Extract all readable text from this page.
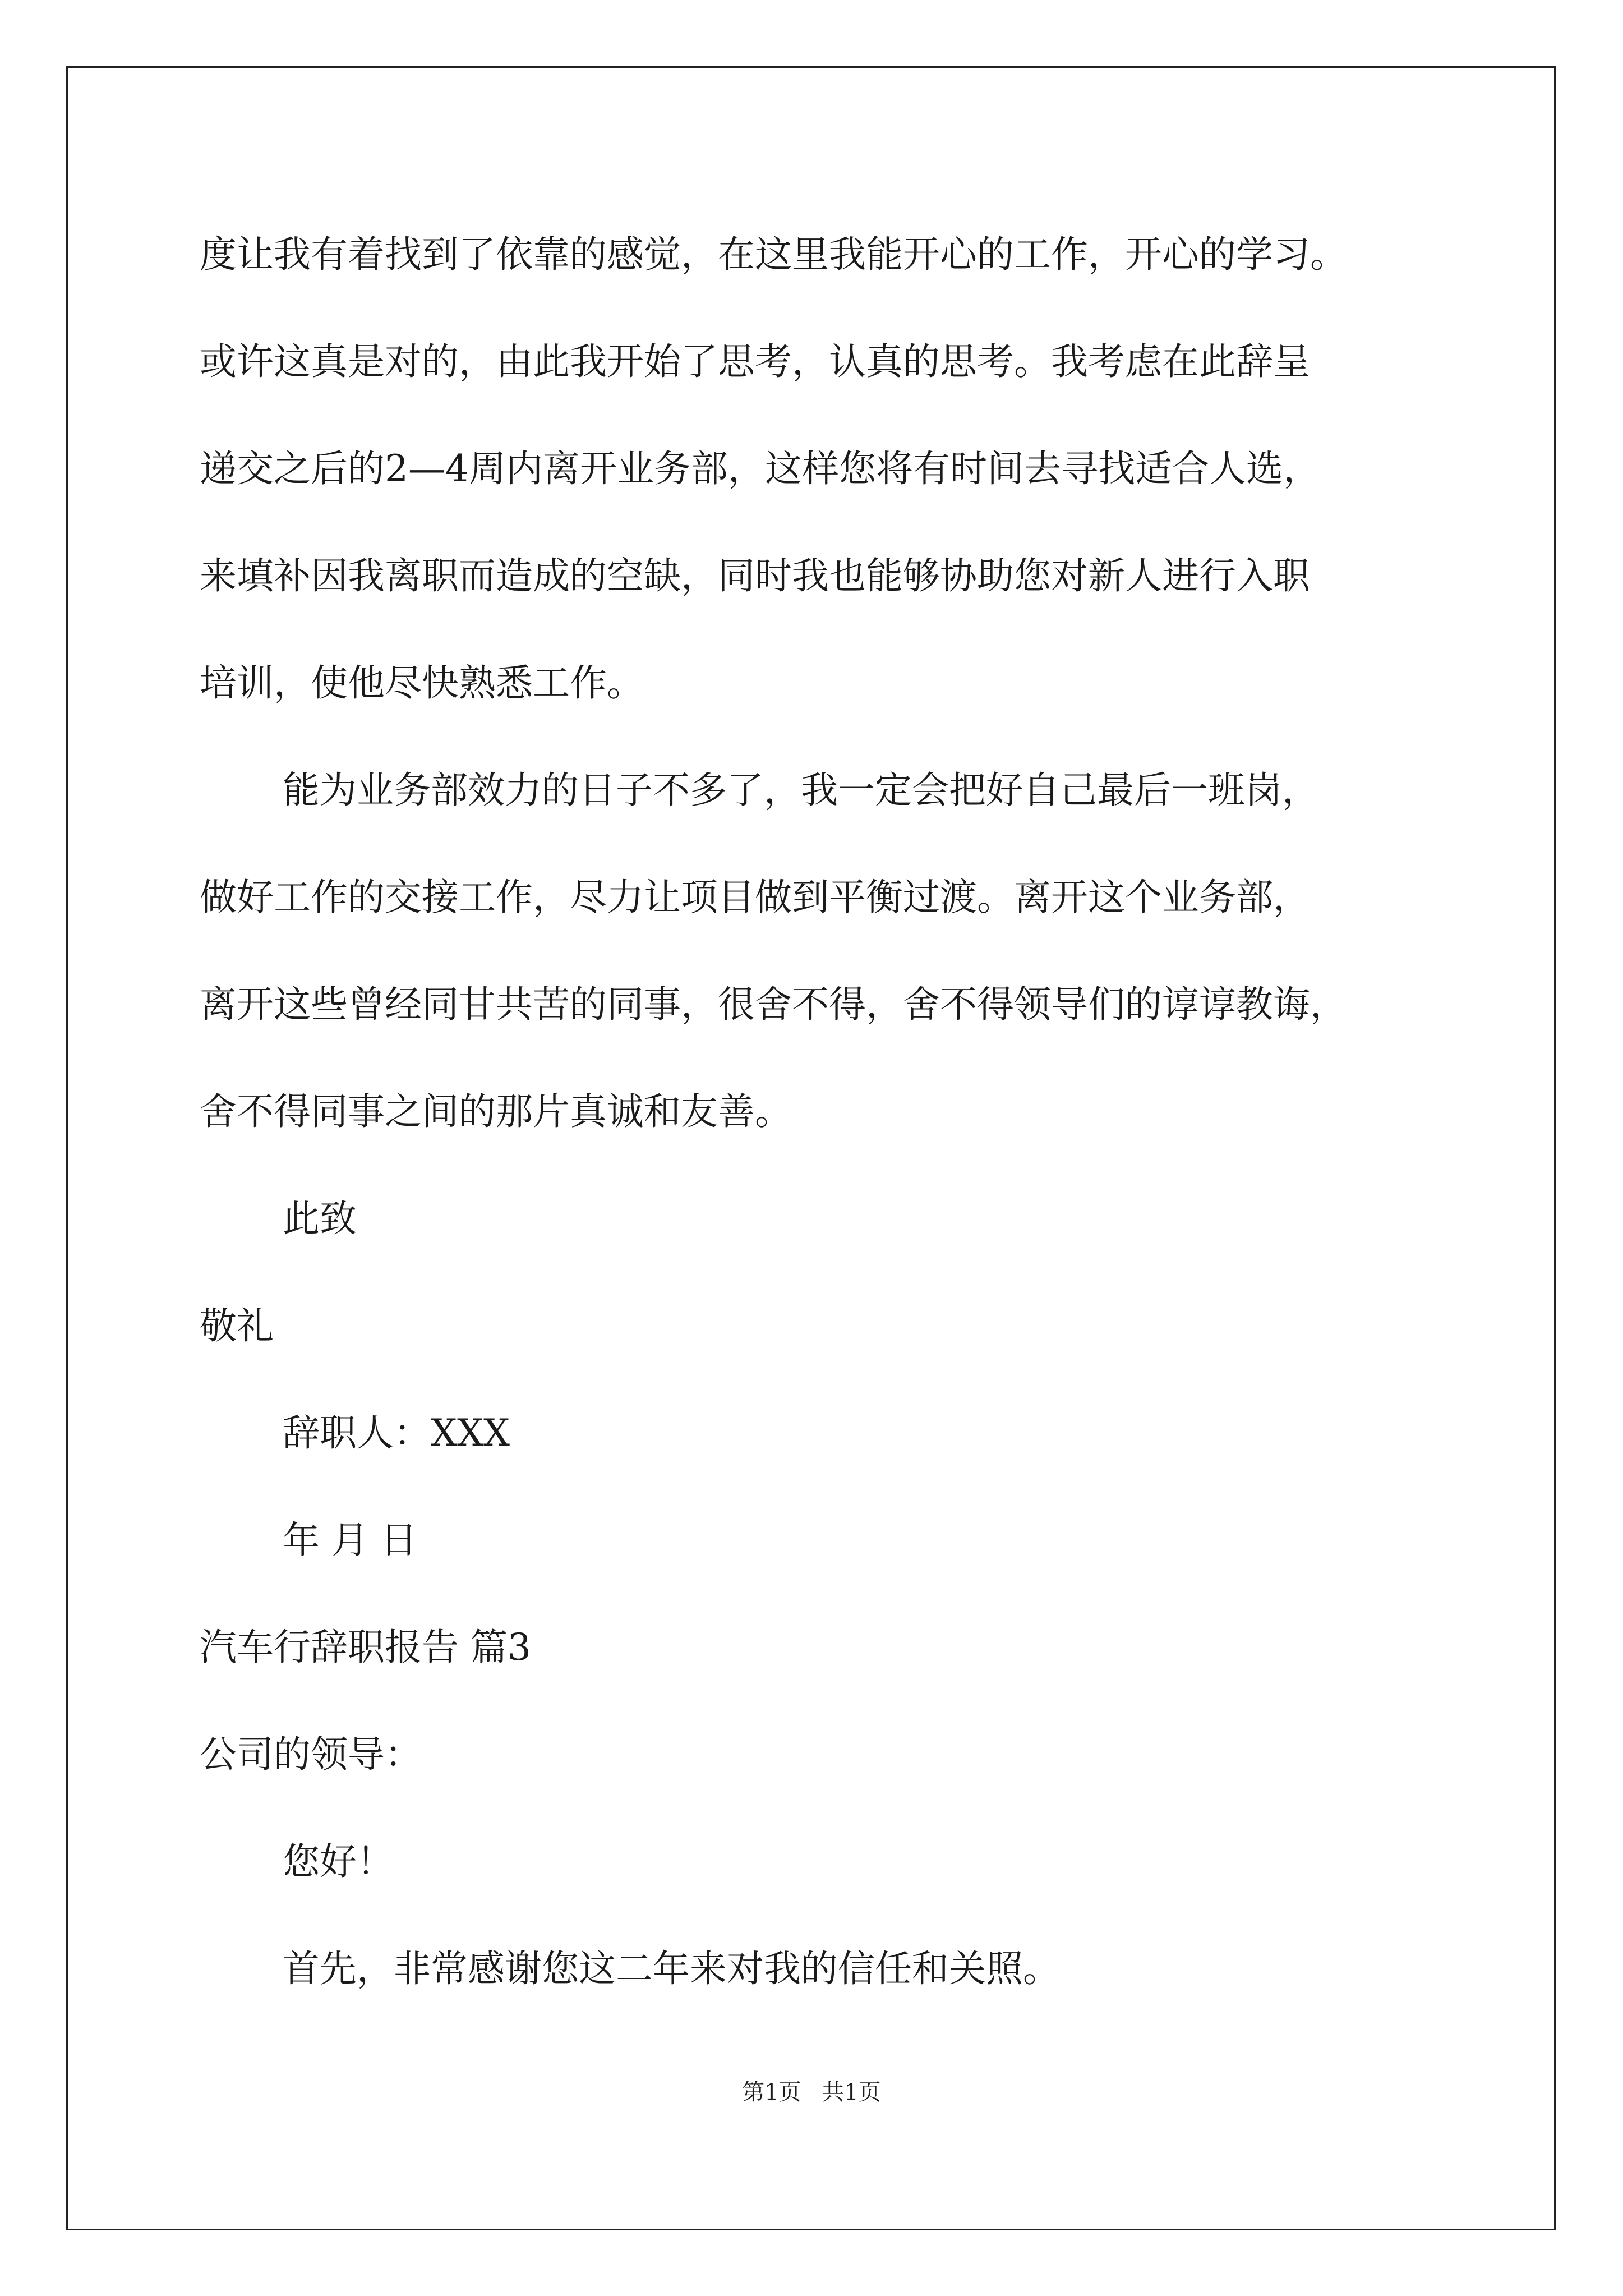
度让我有着找到了依靠的感觉，在这里我能开心的工作，开心的学习。
或许这真是对的，由此我开始了思考，认真的思考。我考虑在此辞呈
递交之后的2—4周内离开业务部，这样您将有时间去寻找适合人选，
来填补因我离职而造成的空缺，同时我也能够协助您对新人进行入职
培训，使他尽快熟悉工作。
能为业务部效力的日子不多了，我一定会把好自己最后一班岗，
做好工作的交接工作，尽力让项目做到平衡过渡。离开这个业务部，
离开这些曾经同甘共苦的同事，很舍不得，舍不得领导们的谆谆教诲，
舍不得同事之间的那片真诚和友善。
此致
敬礼
辞职人：XXX
年 月 日
汽车行辞职报告 篇3
公司的领导：
您好！
首先，非常感谢您这二年来对我的信任和关照。
第1页 共1页
